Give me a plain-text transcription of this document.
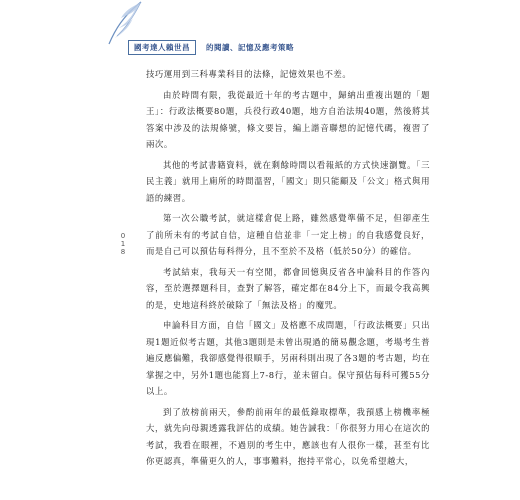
國考達人賴世昌	的閱讀、記憶及應考策略
018

技巧運用到三科專業科目的法條，記憶效果也不差。

由於時間有限，我從最近十年的考古題中，歸納出重複出題的「題王」：行政法概要80題，兵役行政40題，地方自治法規40題，然後將其答案中涉及的法規條號，條文要旨，編上諧音聯想的記憶代碼，複習了兩次。

其他的考試書籍資料，就在剩餘時間以看報紙的方式快速瀏覽。「三民主義」就用上廁所的時間溫習，「國文」則只能顧及「公文」格式與用語的練習。

第一次公職考試，就這樣倉促上路，雖然感覺準備不足，但卻產生了前所未有的考試自信，這種自信並非「一定上榜」的自我感覺良好，而是自己可以預估每科得分，且不至於不及格（低於50分）的確信。

考試結束，我每天一有空閒，都會回憶與反省各申論科目的作答內容，至於選擇題科目，查對了解答，確定都在84分上下，而最令我高興的是，史地這科終於破除了「無法及格」的魔咒。

申論科目方面，自信「國文」及格應不成問題，「行政法概要」只出現1題近似考古題，其他3題則是未曾出現過的簡易觀念題，考場考生普遍反應偏難，我卻感覺得很順手，另兩科則出現了各3題的考古題，均在掌握之中，另外1題也能寫上7-8行，並未留白。保守預估每科可獲55分以上。

到了放榜前兩天，參酌前兩年的最低錄取標準，我預感上榜機率極大，就先向母親透露我評估的成績。她告誡我：「你很努力用心在這次的考試，我看在眼裡，不過別的考生中，應該也有人很你一樣，甚至有比你更認真，準備更久的人，事事難料，抱持平常心，以免希望越大，
